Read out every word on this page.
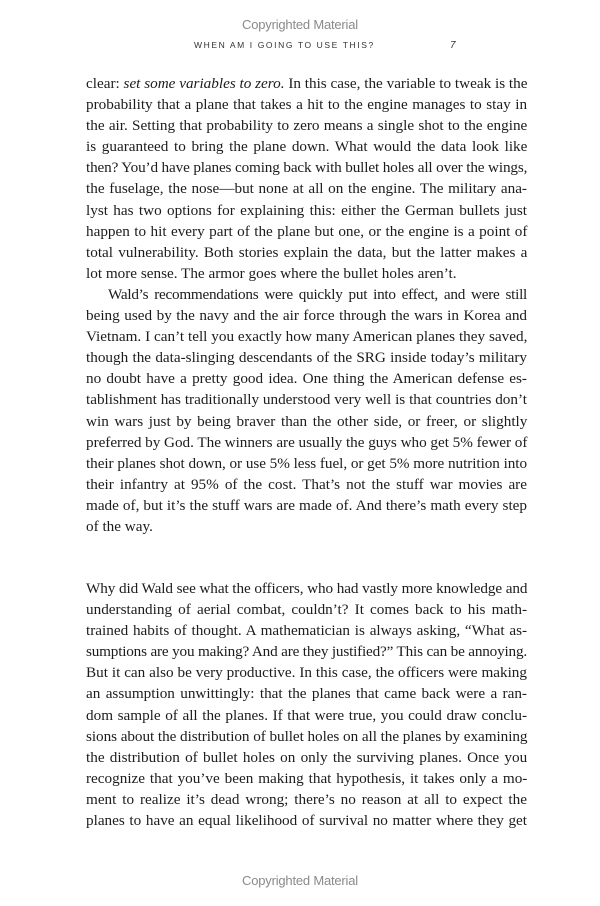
Copyrighted Material
WHEN AM I GOING TO USE THIS?	7
clear: set some variables to zero. In this case, the variable to tweak is the
probability that a plane that takes a hit to the engine manages to stay in
the air. Setting that probability to zero means a single shot to the engine
is guaranteed to bring the plane down. What would the data look like
then? You’d have planes coming back with bullet holes all over the wings,
the fuselage, the nose—but none at all on the engine. The military ana-
lyst has two options for explaining this: either the German bullets just
happen to hit every part of the plane but one, or the engine is a point of
total vulnerability. Both stories explain the data, but the latter makes a
lot more sense. The armor goes where the bullet holes aren’t.
Wald’s recommendations were quickly put into effect, and were still
being used by the navy and the air force through the wars in Korea and
Vietnam. I can’t tell you exactly how many American planes they saved,
though the data-slinging descendants of the SRG inside today’s military
no doubt have a pretty good idea. One thing the American defense es-
tablishment has traditionally understood very well is that countries don’t
win wars just by being braver than the other side, or freer, or slightly
preferred by God. The winners are usually the guys who get 5% fewer of
their planes shot down, or use 5% less fuel, or get 5% more nutrition into
their infantry at 95% of the cost. That’s not the stuff war movies are
made of, but it’s the stuff wars are made of. And there’s math every step
of the way.
Why did Wald see what the officers, who had vastly more knowledge and
understanding of aerial combat, couldn’t? It comes back to his math-
trained habits of thought. A mathematician is always asking, “What as-
sumptions are you making? And are they justified?” This can be annoying.
But it can also be very productive. In this case, the officers were making
an assumption unwittingly: that the planes that came back were a ran-
dom sample of all the planes. If that were true, you could draw conclu-
sions about the distribution of bullet holes on all the planes by examining
the distribution of bullet holes on only the surviving planes. Once you
recognize that you’ve been making that hypothesis, it takes only a mo-
ment to realize it’s dead wrong; there’s no reason at all to expect the
planes to have an equal likelihood of survival no matter where they get
Copyrighted Material
